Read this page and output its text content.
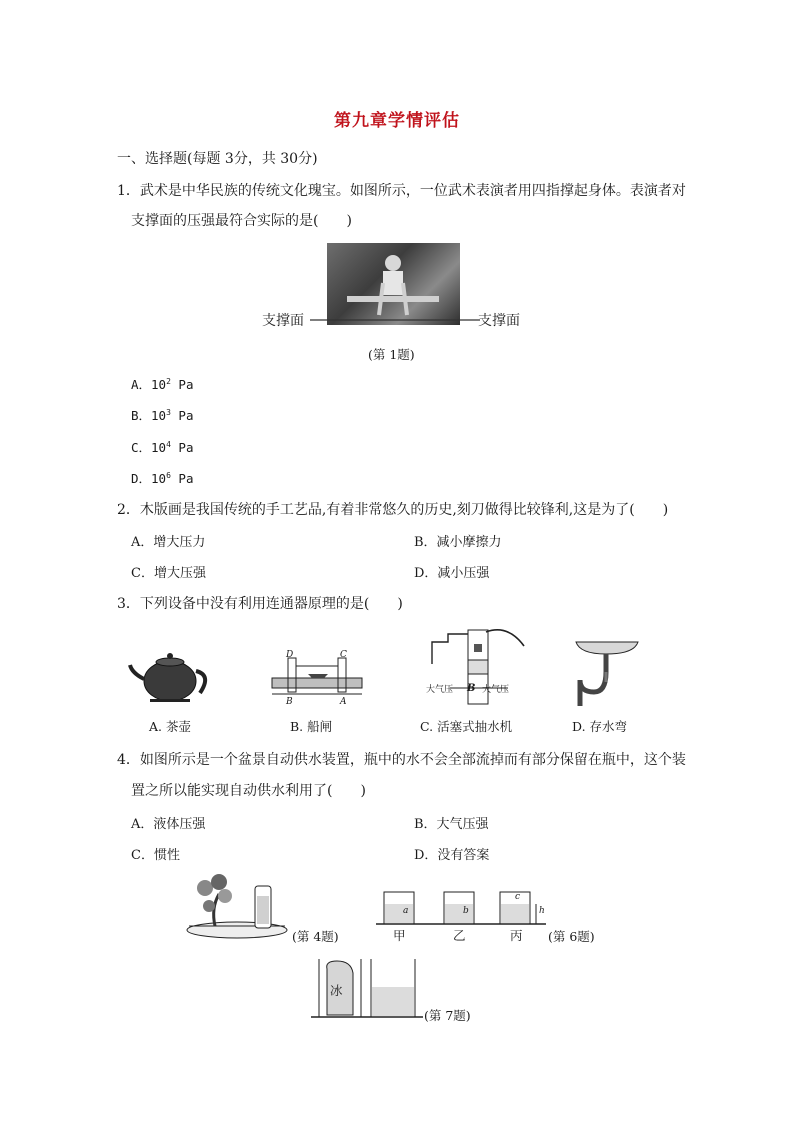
第九章学情评估
一、选择题(每题 3分，共 30分)
1．武术是中华民族的传统文化瑰宝。如图所示，一位武术表演者用四指撑起身体。表演者对
支撑面的压强最符合实际的是(　　)
支撑面	支撑面
(第 1题)
A．$10^2$ Pa
B．$10^3$ Pa
C．$10^4$ Pa
D．$10^6$ Pa
2．木版画是我国传统的手工艺品,有着非常悠久的历史,刻刀做得比较锋利,这是为了(　　)
A．增大压力	B．减小摩擦力
C．增大压强	D．减小压强
3．下列设备中没有利用连通器原理的是(　　)
A. 茶壶
D	C
B	A
B. 船闸
大气压	大气压
B
C. 活塞式抽水机	D. 存水弯
4．如图所示是一个盆景自动供水装置，瓶中的水不会全部流掉而有部分保留在瓶中，这个装
置之所以能实现自动供水利用了(　　)
A．液体压强	B．大气压强
C．惯性	D．没有答案
(第 4题)
a	b
c
h
甲	乙	丙 (第 6题)
冰
(第 7题)
